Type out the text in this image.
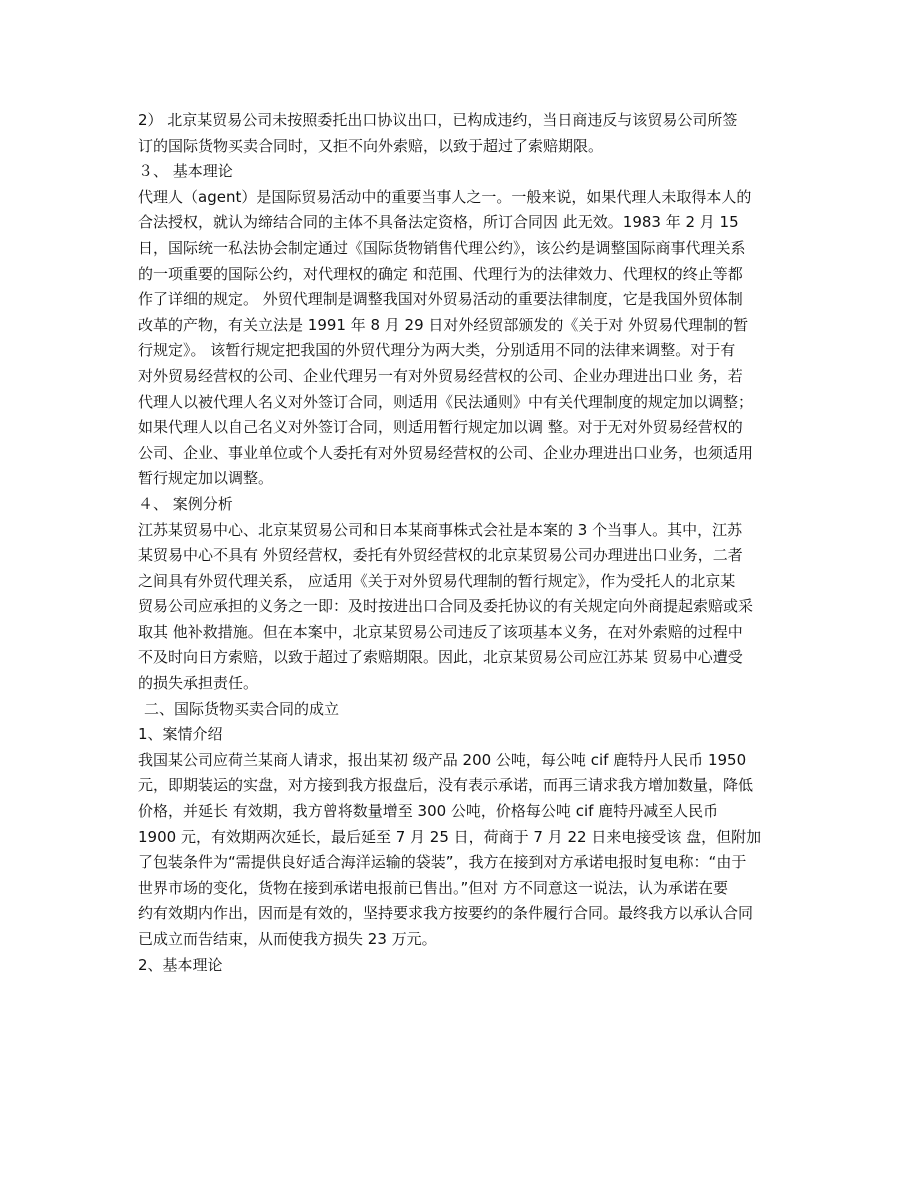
2） 北京某贸易公司未按照委托出口协议出口，已构成违约，当日商违反与该贸易公司所签
订的国际货物买卖合同时，又拒不向外索赔，以致于超过了索赔期限。
３、 基本理论
代理人（agent）是国际贸易活动中的重要当事人之一。一般来说，如果代理人未取得本人的
合法授权，就认为缔结合同的主体不具备法定资格，所订合同因 此无效。1983 年 2 月 15
日，国际统一私法协会制定通过《国际货物销售代理公约》，该公约是调整国际商事代理关系
的一项重要的国际公约，对代理权的确定 和范围、代理行为的法律效力、代理权的终止等都
作了详细的规定。 外贸代理制是调整我国对外贸易活动的重要法律制度，它是我国外贸体制
改革的产物，有关立法是 1991 年 8 月 29 日对外经贸部颁发的《关于对 外贸易代理制的暂
行规定》。 该暂行规定把我国的外贸代理分为两大类，分别适用不同的法律来调整。对于有
对外贸易经营权的公司、企业代理另一有对外贸易经营权的公司、企业办理进出口业 务，若
代理人以被代理人名义对外签订合同，则适用《民法通则》中有关代理制度的规定加以调整；
如果代理人以自己名义对外签订合同，则适用暂行规定加以调 整。对于无对外贸易经营权的
公司、企业、事业单位或个人委托有对外贸易经营权的公司、企业办理进出口业务，也须适用
暂行规定加以调整。
４、 案例分析
江苏某贸易中心、北京某贸易公司和日本某商事株式会社是本案的 3 个当事人。其中，江苏
某贸易中心不具有 外贸经营权，委托有外贸经营权的北京某贸易公司办理进出口业务，二者
之间具有外贸代理关系， 应适用《关于对外贸易代理制的暂行规定》，作为受托人的北京某
贸易公司应承担的义务之一即：及时按进出口合同及委托协议的有关规定向外商提起索赔或采
取其 他补救措施。但在本案中，北京某贸易公司违反了该项基本义务，在对外索赔的过程中
不及时向日方索赔，以致于超过了索赔期限。因此，北京某贸易公司应江苏某 贸易中心遭受
的损失承担责任。
二、国际货物买卖合同的成立
1、案情介绍
我国某公司应荷兰某商人请求，报出某初 级产品 200 公吨，每公吨 cif 鹿特丹人民币 1950
元，即期装运的实盘，对方接到我方报盘后，没有表示承诺，而再三请求我方增加数量，降低
价格，并延长 有效期，我方曾将数量增至 300 公吨，价格每公吨 cif 鹿特丹减至人民币
1900 元，有效期两次延长，最后延至 7 月 25 日，荷商于 7 月 22 日来电接受该 盘，但附加
了包装条件为“需提供良好适合海洋运输的袋装”，我方在接到对方承诺电报时复电称：“由于
世界市场的变化，货物在接到承诺电报前已售出。”但对 方不同意这一说法，认为承诺在要
约有效期内作出，因而是有效的，坚持要求我方按要约的条件履行合同。最终我方以承认合同
已成立而告结束，从而使我方损失 23 万元。
2、基本理论
